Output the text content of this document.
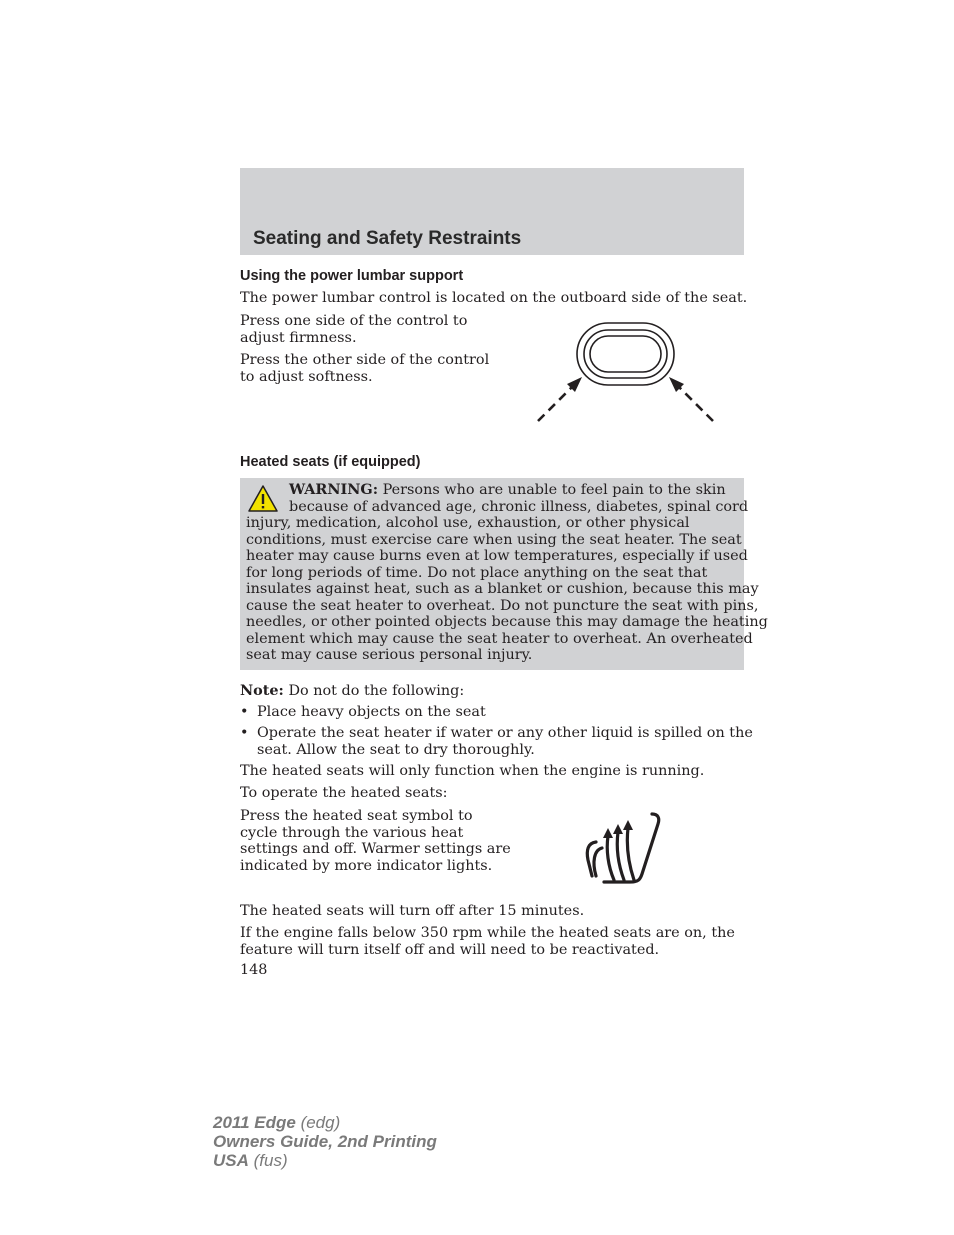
Seating and Safety Restraints
Using the power lumbar support
The power lumbar control is located on the outboard side of the seat.
Press one side of the control to
adjust firmness.
Press the other side of the control
to adjust softness.
Heated seats (if equipped)
WARNING: Persons who are unable to feel pain to the skin
because of advanced age, chronic illness, diabetes, spinal cord
injury, medication, alcohol use, exhaustion, or other physical
conditions, must exercise care when using the seat heater. The seat
heater may cause burns even at low temperatures, especially if used
for long periods of time. Do not place anything on the seat that
insulates against heat, such as a blanket or cushion, because this may
cause the seat heater to overheat. Do not puncture the seat with pins,
needles, or other pointed objects because this may damage the heating
element which may cause the seat heater to overheat. An overheated
seat may cause serious personal injury.
Note: Do not do the following:
• Place heavy objects on the seat
• Operate the seat heater if water or any other liquid is spilled on the
seat. Allow the seat to dry thoroughly.
The heated seats will only function when the engine is running.
To operate the heated seats:
Press the heated seat symbol to
cycle through the various heat
settings and off. Warmer settings are
indicated by more indicator lights.
The heated seats will turn off after 15 minutes.
If the engine falls below 350 rpm while the heated seats are on, the
feature will turn itself off and will need to be reactivated.
148
2011 Edge (edg)
Owners Guide, 2nd Printing
USA (fus)
